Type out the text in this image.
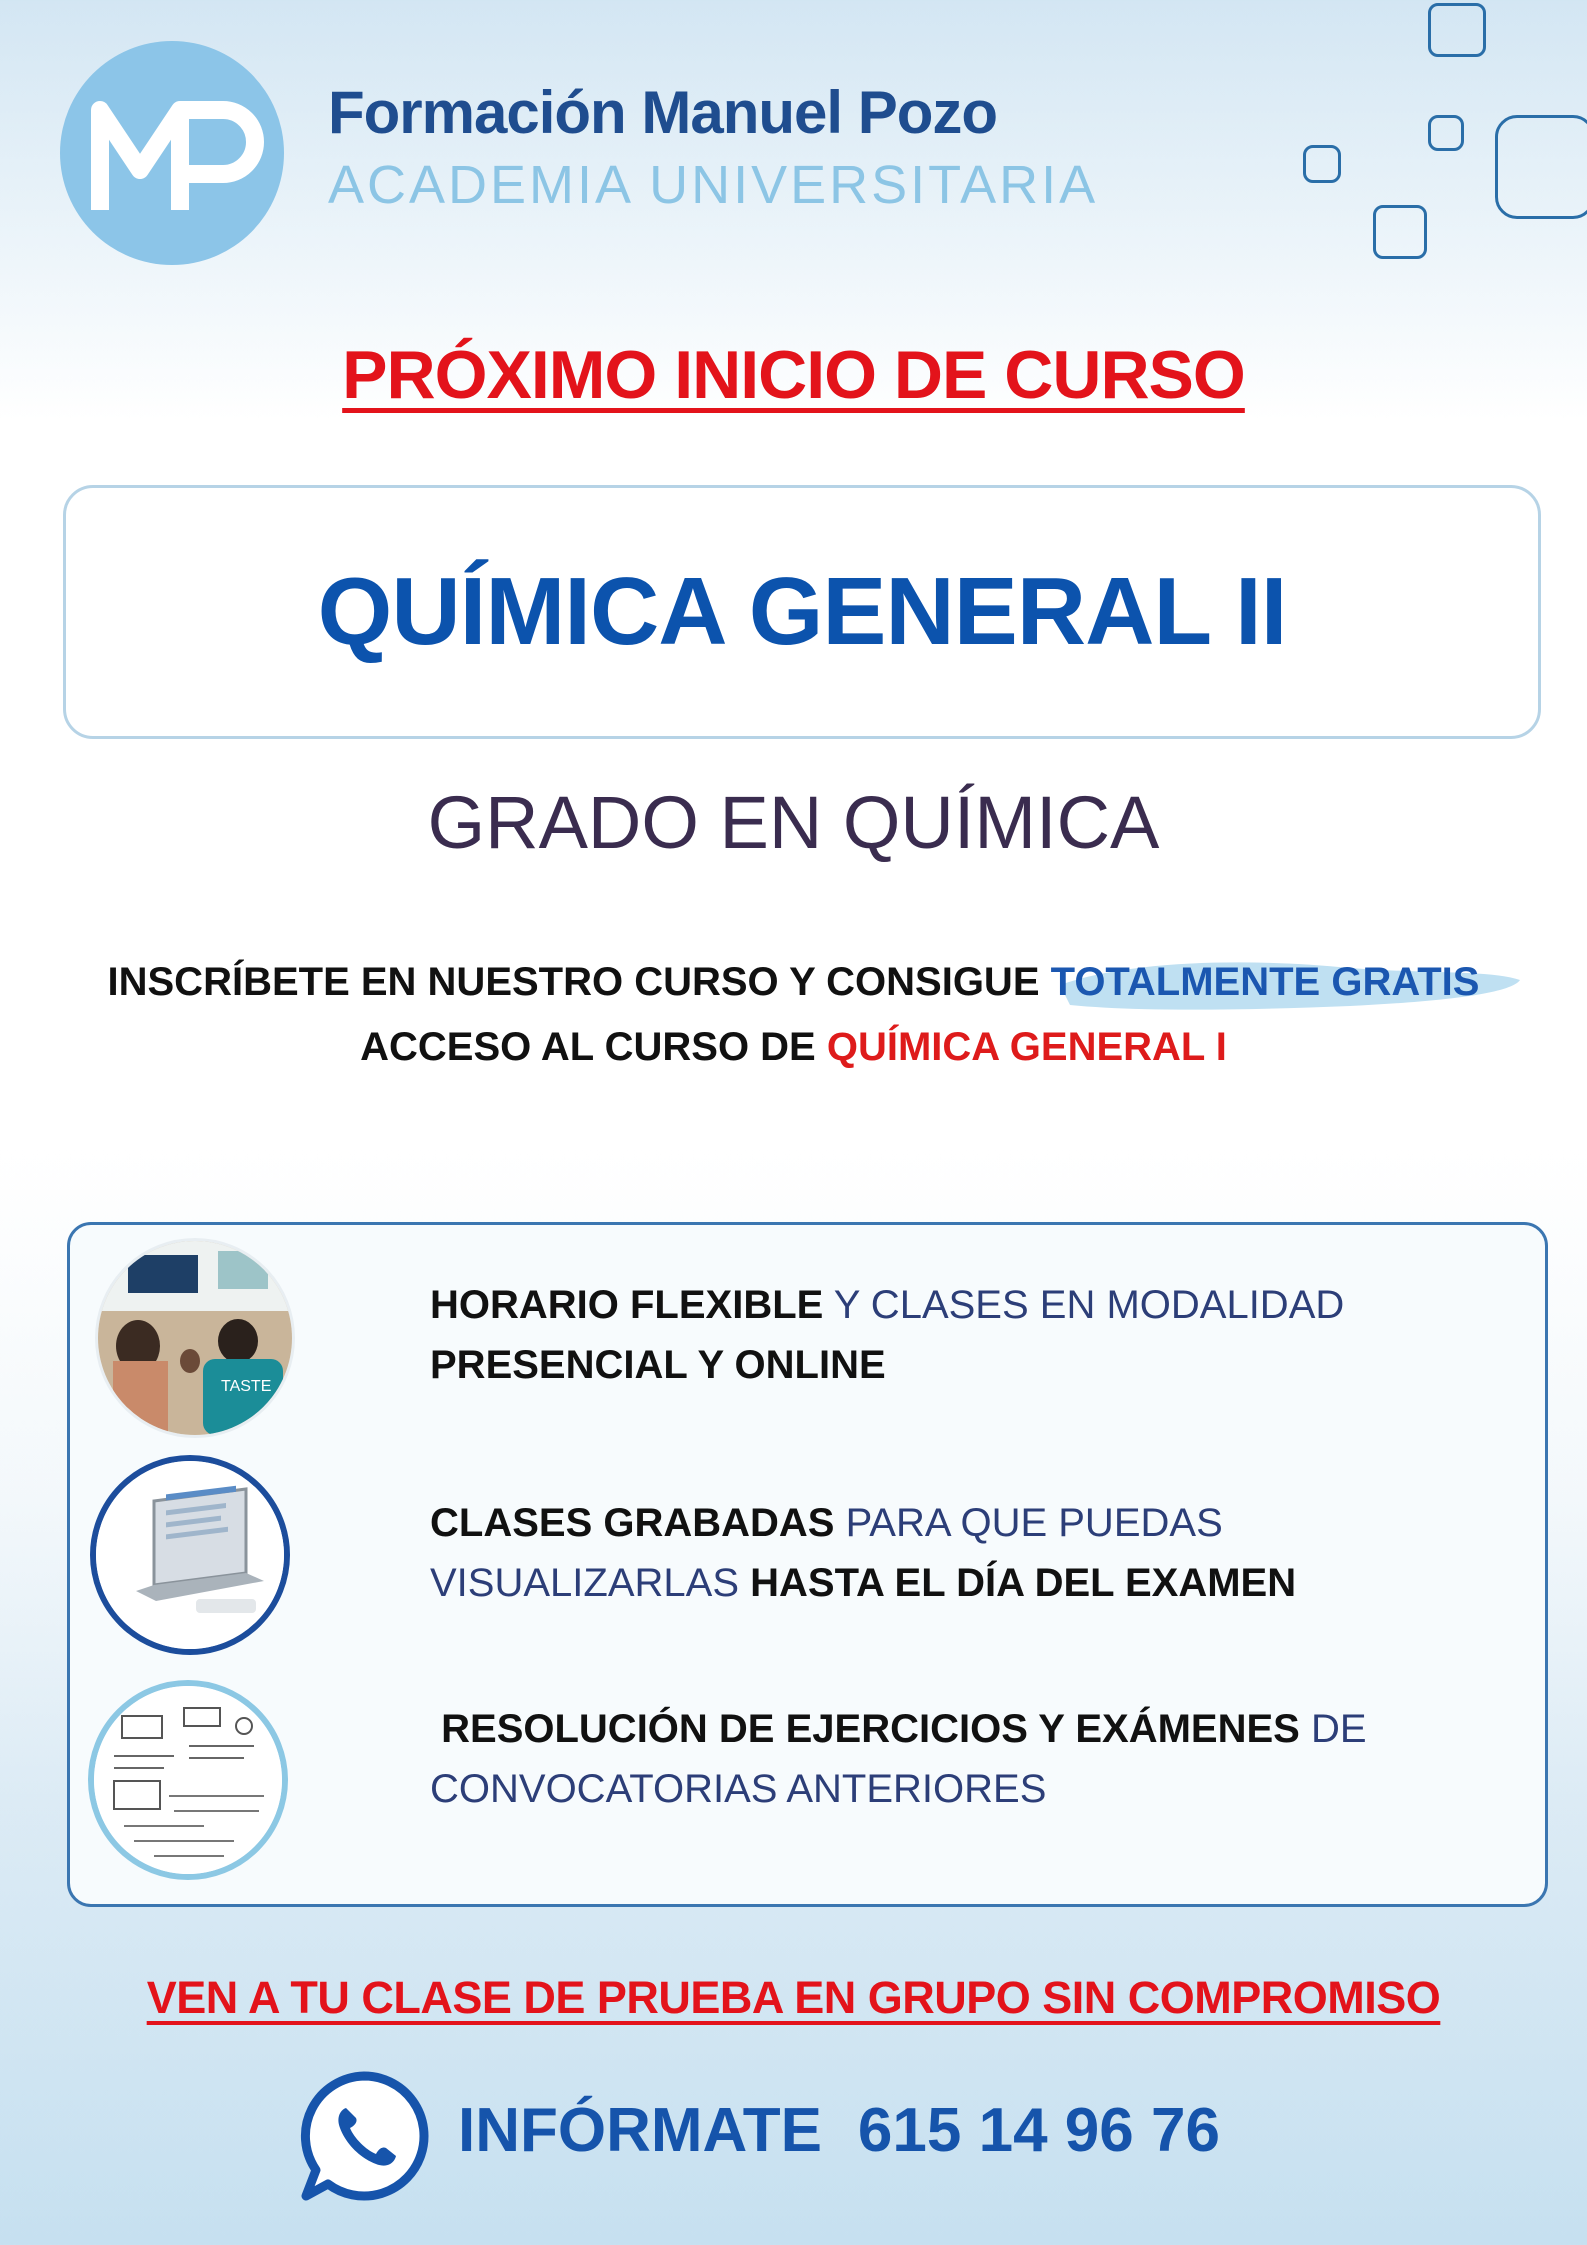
MP
Formación Manuel Pozo
ACADEMIA UNIVERSITARIA
PRÓXIMO INICIO DE CURSO
QUÍMICA GENERAL II
GRADO EN QUÍMICA
INSCRÍBETE EN NUESTRO CURSO Y CONSIGUE TOTALMENTE GRATIS
ACCESO AL CURSO DE QUÍMICA GENERAL I
TASTE
HORARIO FLEXIBLE Y CLASES EN MODALIDAD
PRESENCIAL Y ONLINE
CLASES GRABADAS PARA QUE PUEDAS
VISUALIZARLAS HASTA EL DÍA DEL EXAMEN
RESOLUCIÓN DE EJERCICIOS Y EXÁMENES DE
CONVOCATORIAS ANTERIORES
VEN A TU CLASE DE PRUEBA EN GRUPO SIN COMPROMISO
INFÓRMATE 615 14 96 76
